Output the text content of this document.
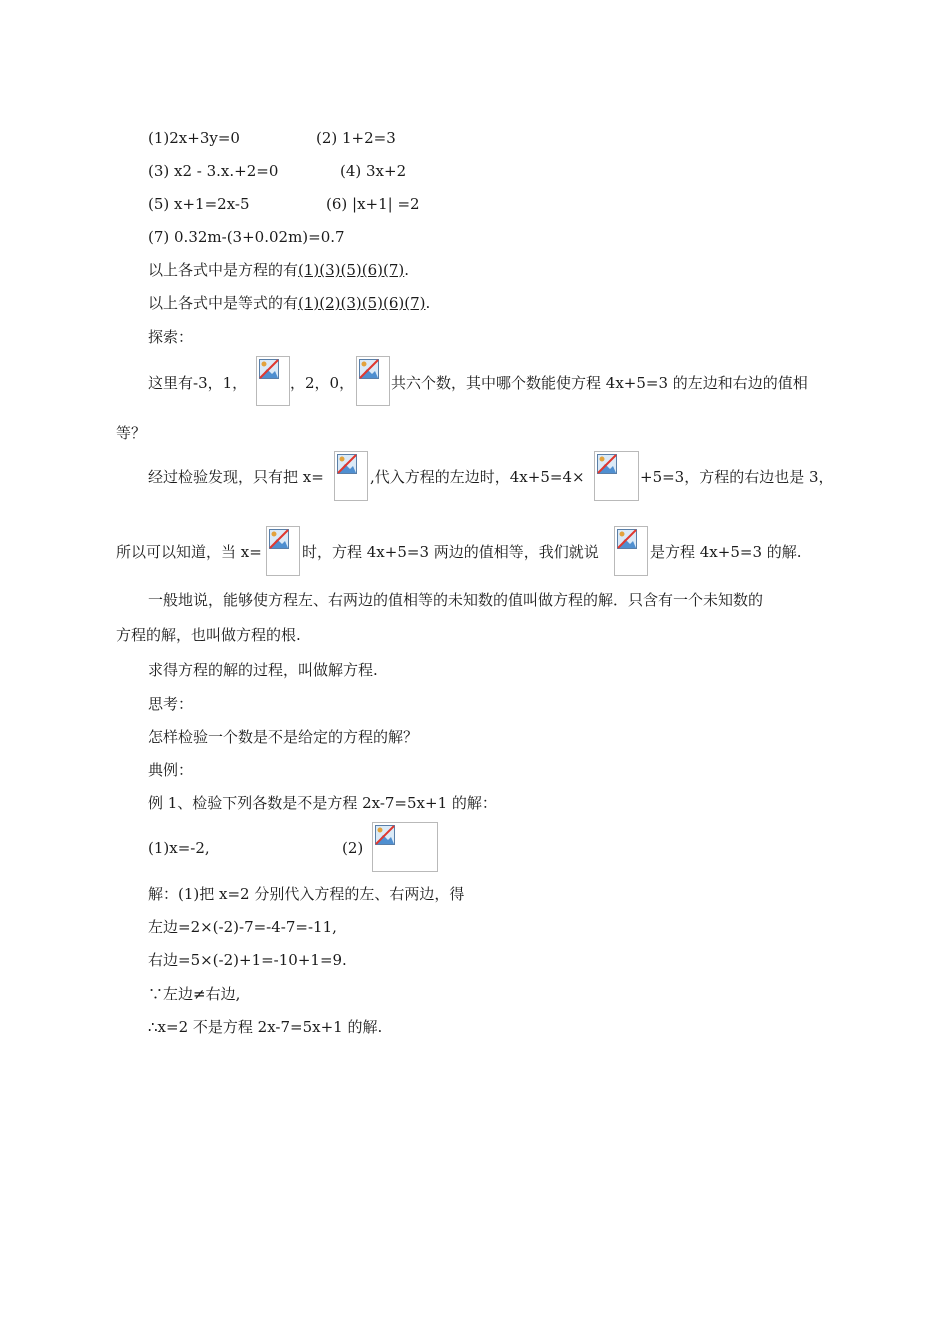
(1)2x+3y=0	(2) 1+2=3
(3) x2 - 3.x.+2=0	(4) 3x+2
(5) x+1=2x-5	(6) |x+1| =2
(7) 0.32m-(3+0.02m)=0.7
以上各式中是方程的有(1)(3)(5)(6)(7).
以上各式中是等式的有(1)(2)(3)(5)(6)(7).
探索：
这里有-3，1，	，2，0， 共六个数，其中哪个数能使方程 4x+5=3 的左边和右边的值相
等？
经过检验发现，只有把 x=	,代入方程的左边时，4x+5=4×	+5=3，方程的右边也是 3，
所以可以知道，当 x=	时，方程 4x+5=3 两边的值相等，我们就说	是方程 4x+5=3 的解.
一般地说，能够使方程左、右两边的值相等的未知数的值叫做方程的解．只含有一个未知数的
方程的解，也叫做方程的根.
求得方程的解的过程，叫做解方程.
思考：
怎样检验一个数是不是给定的方程的解？
典例：
例 1、检验下列各数是不是方程 2x-7=5x+1 的解：
(1)x=-2,	(2)
解：(1)把 x=2 分别代入方程的左、右两边，得
左边=2×(-2)-7=-4-7=-11,
右边=5×(-2)+1=-10+1=9.
∵左边≠右边,
∴x=2 不是方程 2x-7=5x+1 的解.
